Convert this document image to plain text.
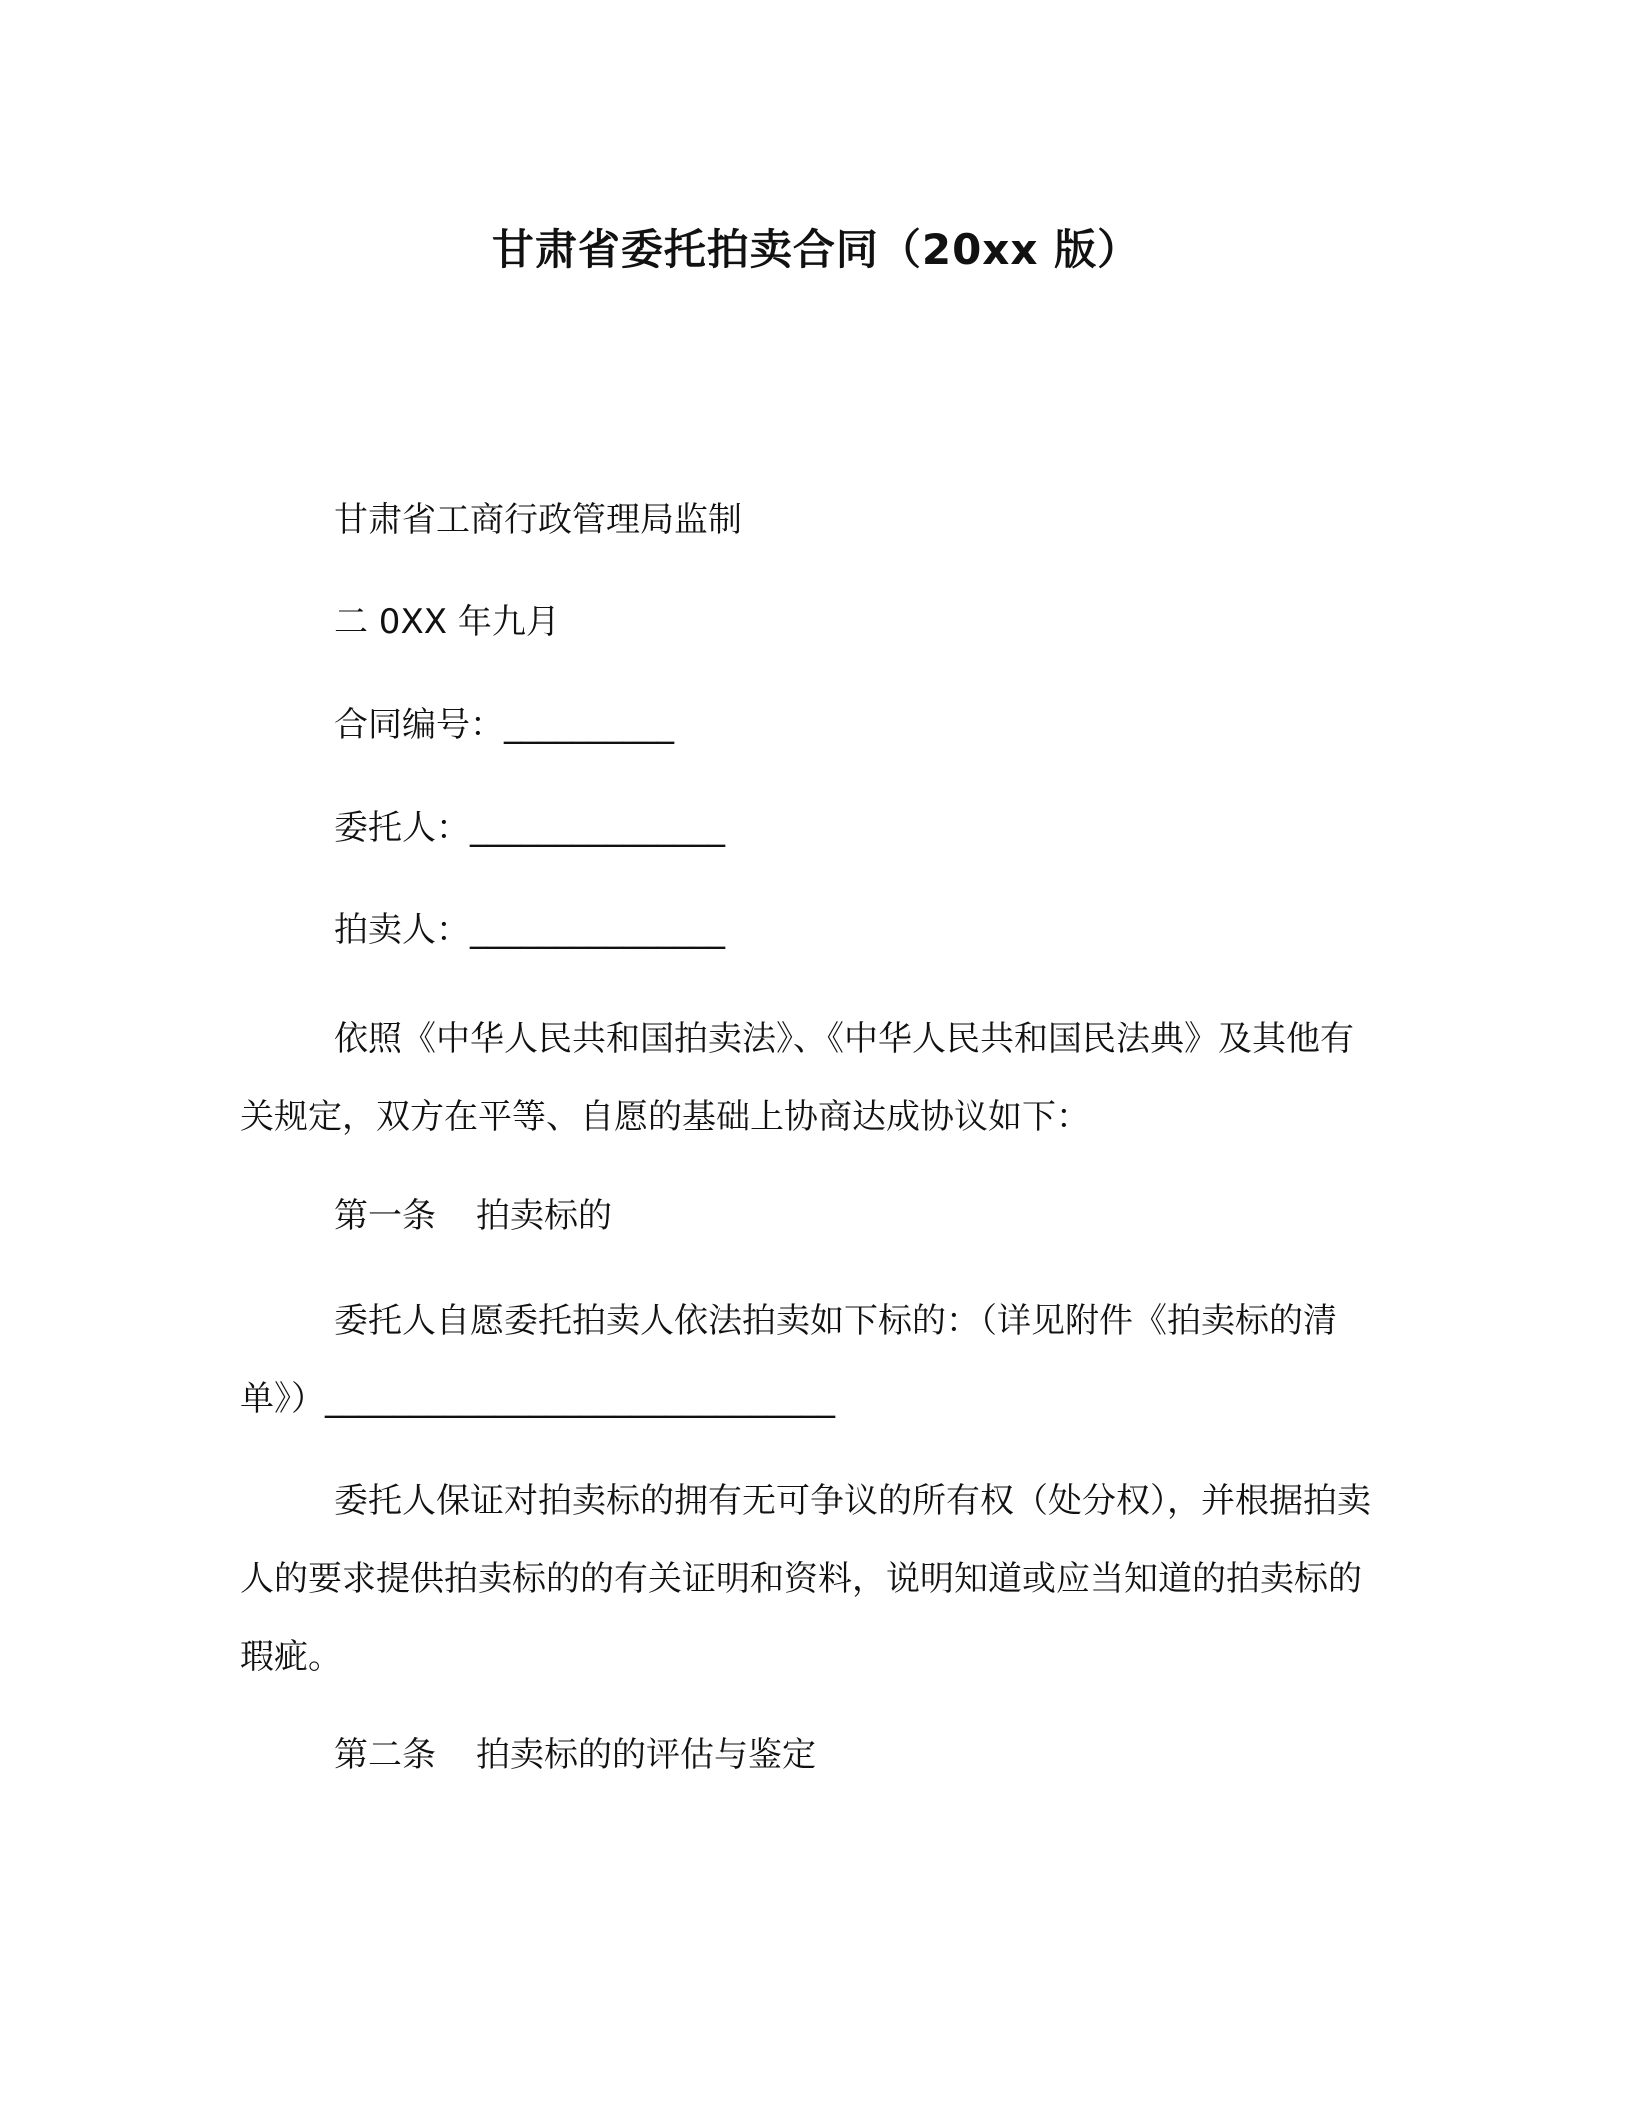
甘肃省委托拍卖合同（20xx 版）
甘肃省工商行政管理局监制
二 0XX 年九月
合同编号：__________
委托人：_______________
拍卖人：_______________
依照《中华人民共和国拍卖法》、《中华人民共和国民法典》及其他有关规定，双方在平等、自愿的基础上协商达成协议如下：
第一条 拍卖标的
委托人自愿委托拍卖人依法拍卖如下标的：（详见附件《拍卖标的清单》）______________________________
委托人保证对拍卖标的拥有无可争议的所有权（处分权），并根据拍卖人的要求提供拍卖标的的有关证明和资料，说明知道或应当知道的拍卖标的瑕疵。
第二条 拍卖标的的评估与鉴定
